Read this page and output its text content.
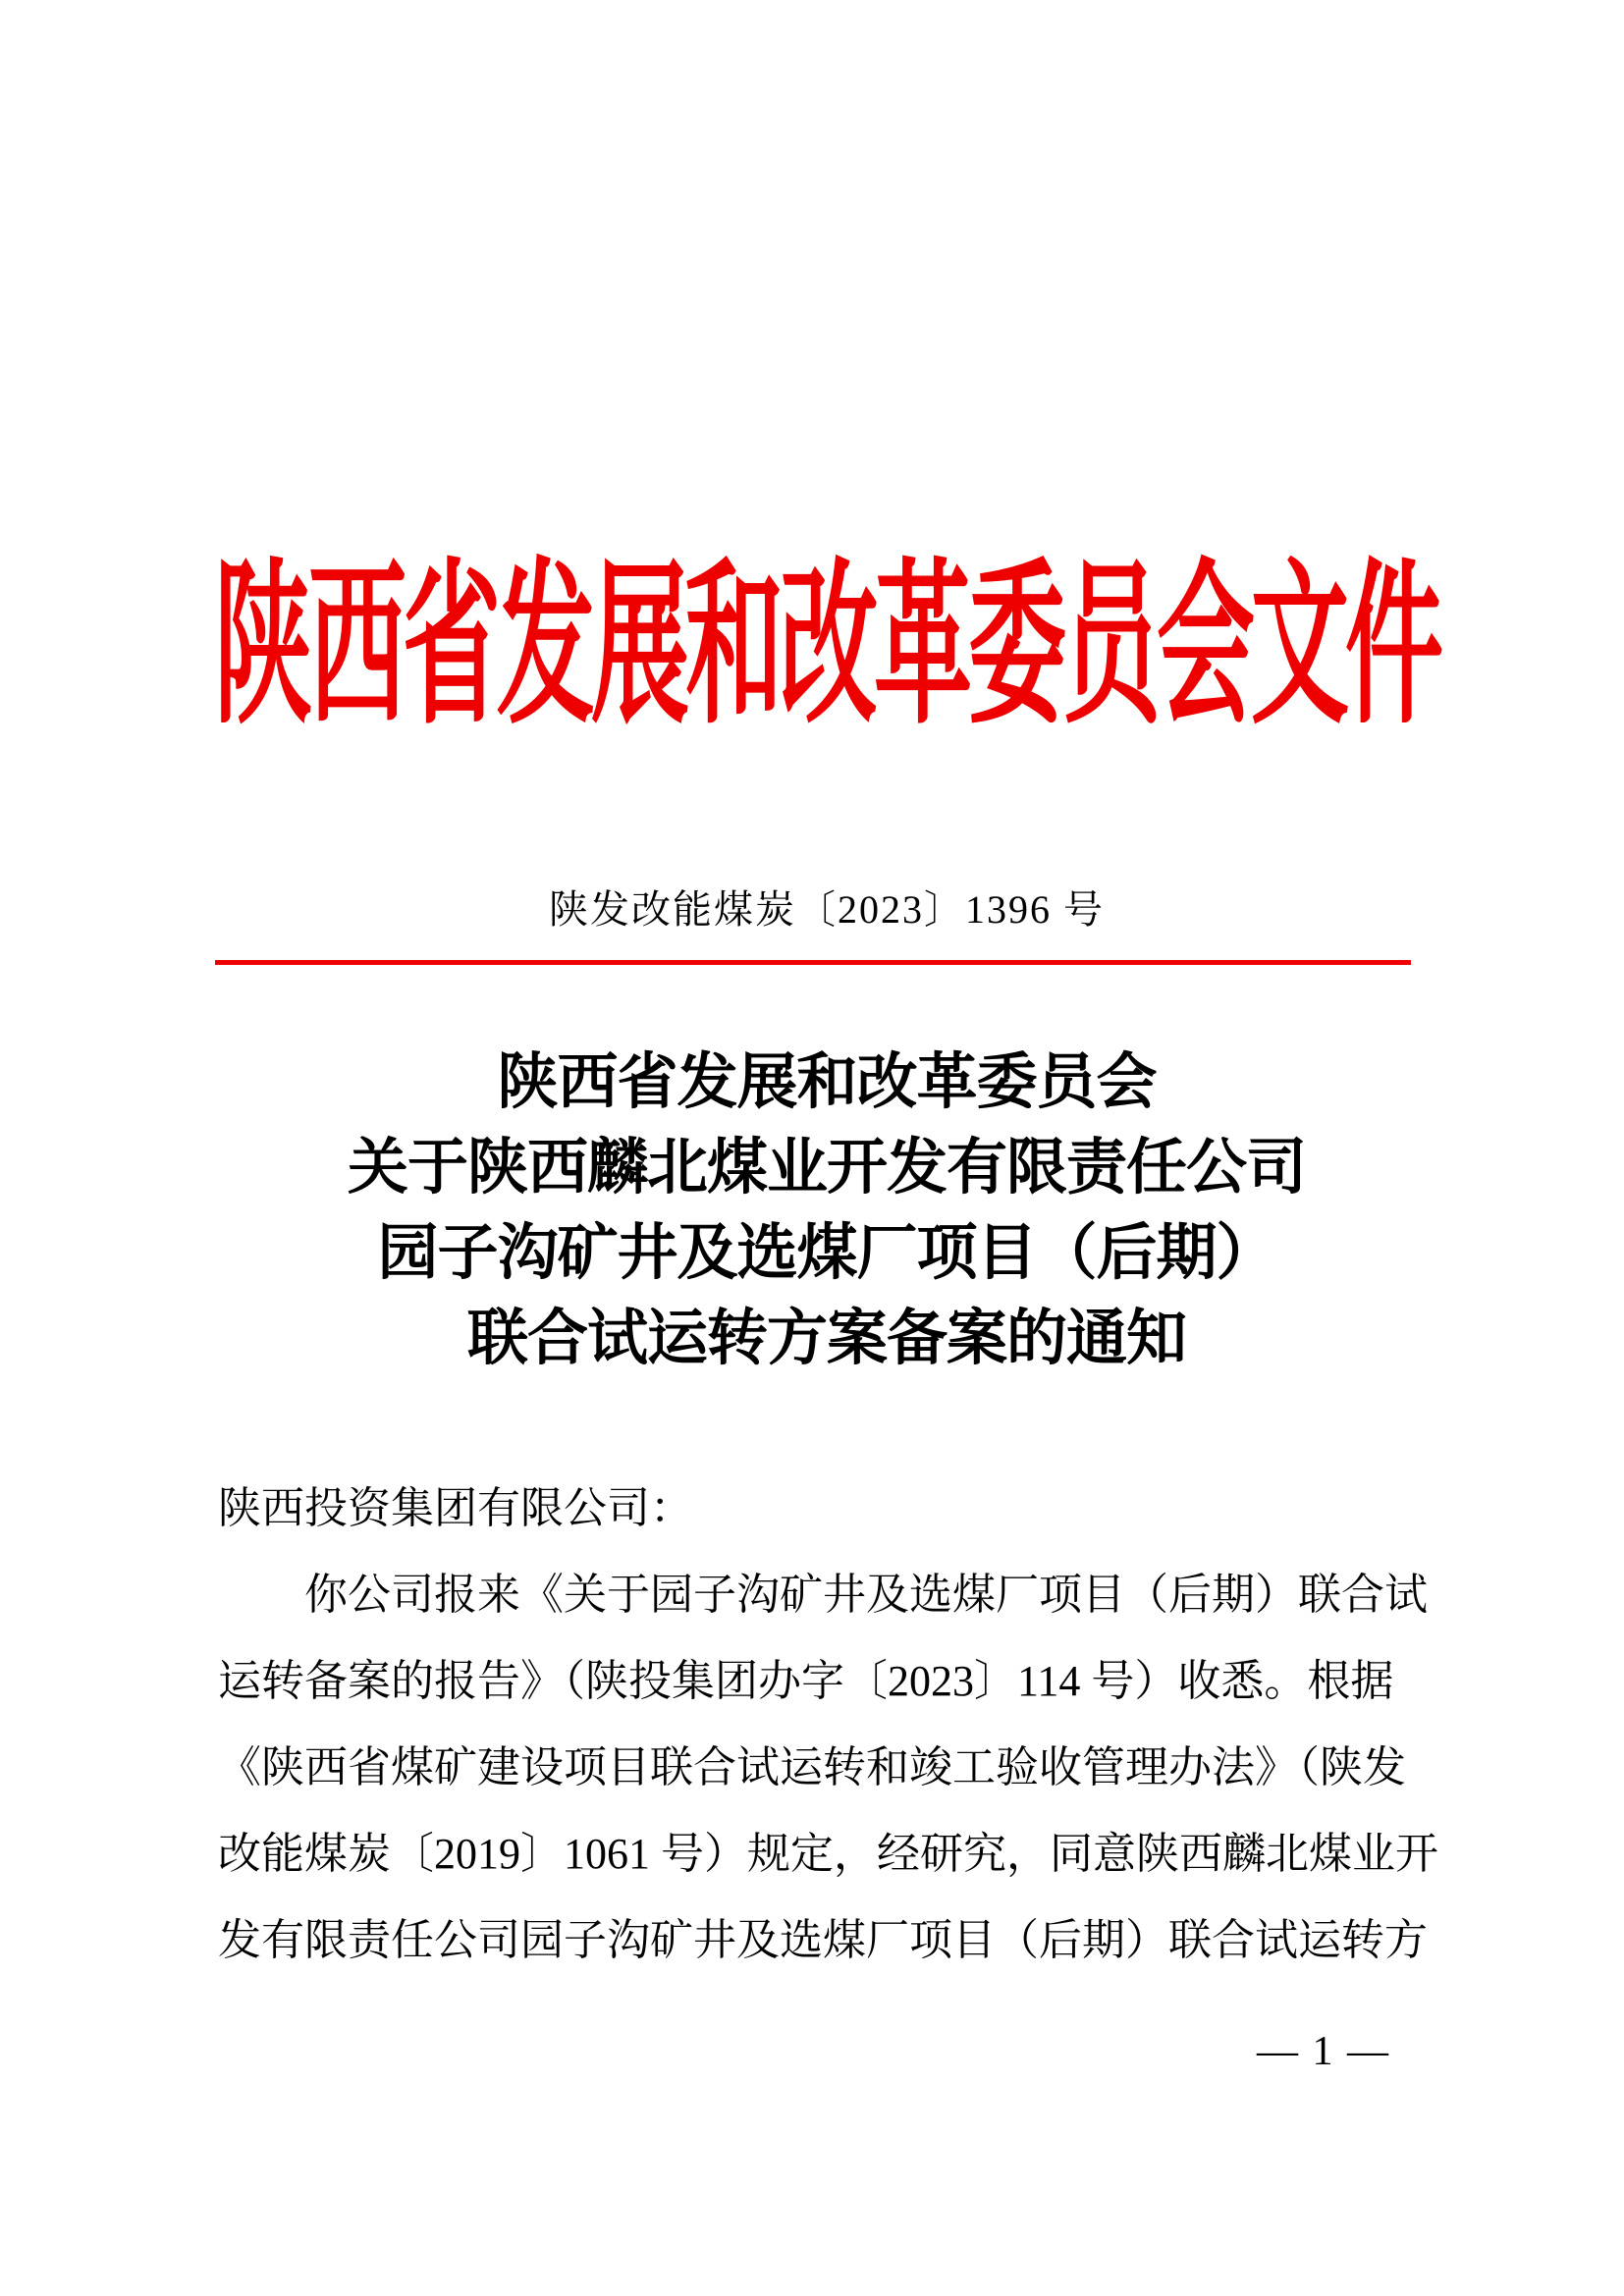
陕西省发展和改革委员会文件
陕发改能煤炭〔2023〕1396 号
陕西省发展和改革委员会
关于陕西麟北煤业开发有限责任公司
园子沟矿井及选煤厂项目（后期）
联合试运转方案备案的通知
陕西投资集团有限公司：
你公司报来《关于园子沟矿井及选煤厂项目（后期）联合试
运转备案的报告》（陕投集团办字〔2023〕114 号）收悉。根据
《陕西省煤矿建设项目联合试运转和竣工验收管理办法》（陕发
改能煤炭〔2019〕1061 号）规定，经研究，同意陕西麟北煤业开
发有限责任公司园子沟矿井及选煤厂项目（后期）联合试运转方
— 1 —
